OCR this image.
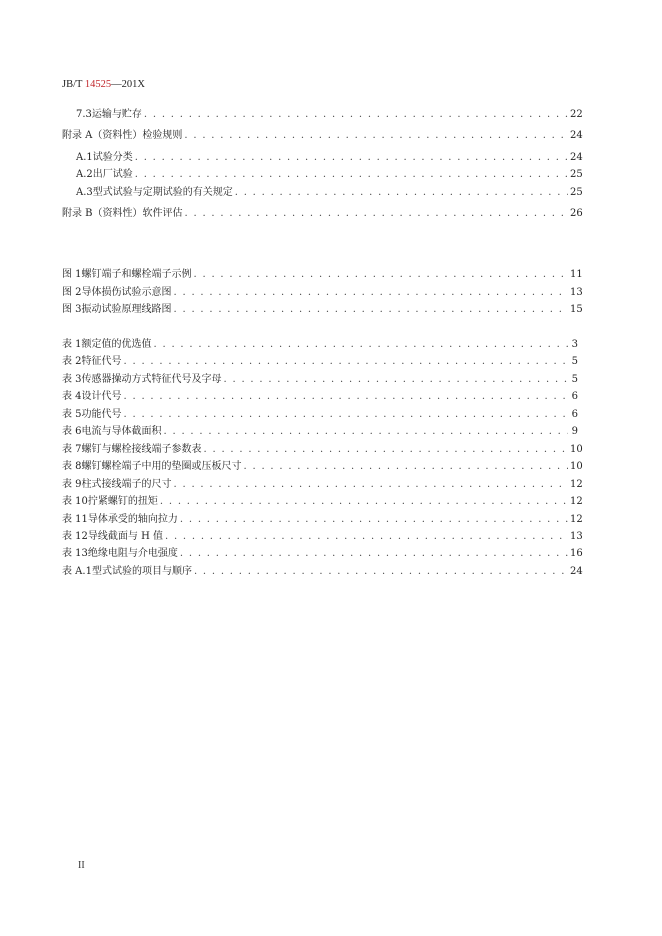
JB/T 14525—201X
7.3 运输与贮存 . . .	22
附录 A（资料性） 检验规则 . . .	24
A.1 试验分类 . . .	24
A.2 出厂试验 . . .	25
A.3 型式试验与定期试验的有关规定 . . .	25
附录 B（资料性） 软件评估 . . .	26
图 1 螺钉端子和螺栓端子示例 . . .	11
图 2 导体损伤试验示意图 . . .	13
图 3 振动试验原理线路图 . . .	15
表 1 额定值的优选值 . . .	3
表 2 特征代号 . . .	5
表 3 传感器操动方式特征代号及字母 . . .	5
表 4 设计代号 . . .	6
表 5 功能代号 . . .	6
表 6 电流与导体截面积 . . .	9
表 7 螺钉与螺栓接线端子参数表 . . .	10
表 8 螺钉螺栓端子中用的垫圈或压板尺寸 . . .	10
表 9 柱式接线端子的尺寸 . . .	12
表 10 拧紧螺钉的扭矩 . . .	12
表 11 导体承受的轴向拉力 . . .	12
表 12 导线截面与 H 值 . . .	13
表 13 绝缘电阻与介电强度 . . .	16
表 A.1 型式试验的项目与顺序 . . .	24
II
